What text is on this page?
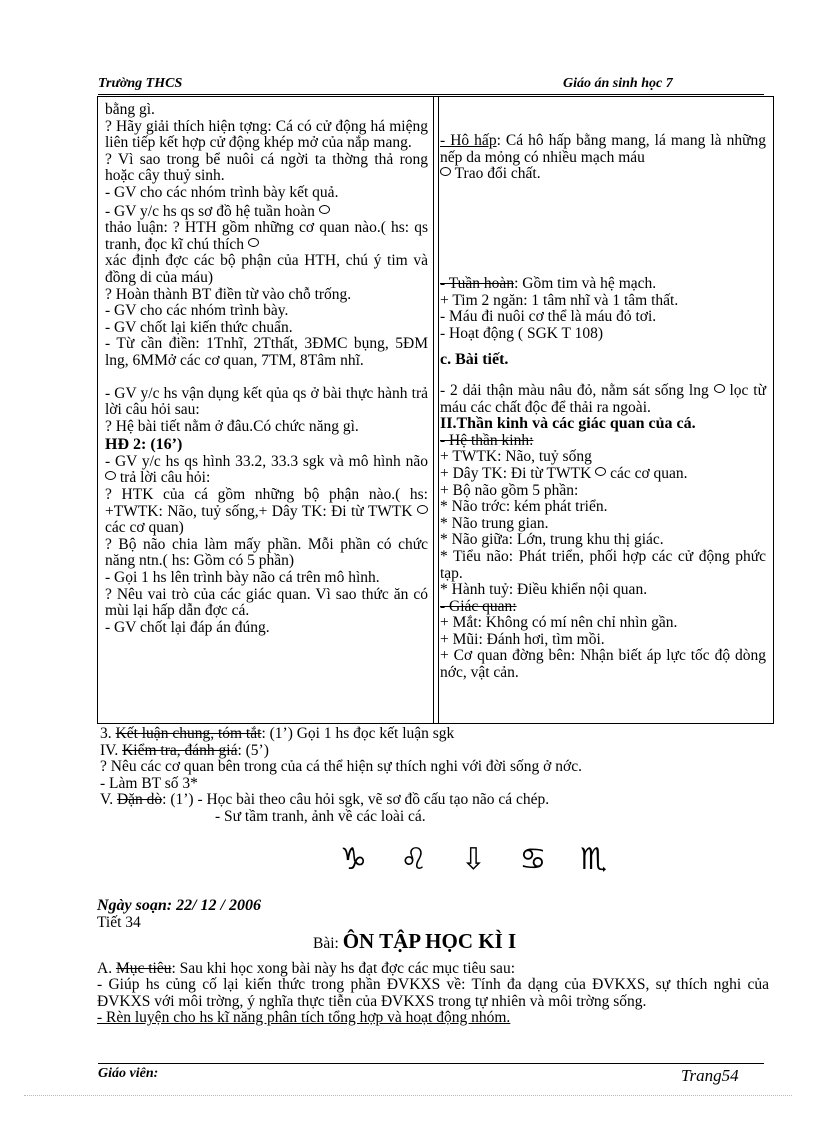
Trường THCS	Giáo án sinh học 7

bằng gì.

? Hãy giải thích hiện tợng: Cá có cử động há miệng liên tiếp kết hợp cử động khép mở của nắp mang.

? Vì sao trong bể nuôi cá ngời ta thờng thả rong hoặc cây thuỷ sinh.

- GV cho các nhóm trình bày kết quả.

- GV y/c hs qs sơ đồ hệ tuần hoàn

thảo luận: ? HTH gồm những cơ quan nào.( hs: qs tranh, đọc kĩ chú thích

xác định đợc các bộ phận của HTH, chú ý tim và đồng di của máu)

? Hoàn thành BT điền từ vào chỗ trống.

- GV cho các nhóm trình bày.

- GV chốt lại kiến thức chuẩn.

- Từ cần điền: 1Tnhĩ, 2Tthất, 3ĐMC bụng, 5ĐM lng, 6MMở các cơ quan, 7TM, 8Tâm nhĩ.

- GV y/c hs vận dụng kết qủa qs ở bài thực hành trả lời câu hỏi sau:

? Hệ bài tiết nằm ở đâu.Có chức năng gì.

HĐ 2: (16’)

- GV y/c hs qs hình 33.2, 33.3 sgk và mô hình não  trả lời câu hỏi:

? HTK của cá gồm những bộ phận nào.( hs: +TWTK: Não, tuỷ sống,+ Dây TK: Đi từ TWTK  các cơ quan)

? Bộ não chia làm mấy phần. Mỗi phần có chức năng ntn.( hs: Gồm có 5 phần)

- Gọi 1 hs lên trình bày não cá trên mô hình.

? Nêu vai trò của các giác quan. Vì sao thức ăn có mùi lại hấp dẫn đợc cá.

- GV chốt lại đáp án đúng.

- Hô hấp: Cá hô hấp bằng mang, lá mang là những nếp da mỏng có nhiều mạch máu

Trao đổi chất.

- Tuần hoàn: Gồm tim và hệ mạch.

+ Tim 2 ngăn: 1 tâm nhĩ và 1 tâm thất.

- Máu đi nuôi cơ thể là máu đỏ tơi.

- Hoạt động ( SGK T 108)

c. Bài tiết.

- 2 dải thận màu nâu đỏ, nằm sát sống lng lọc từ máu các chất độc để thải ra ngoài.

II.Thần kinh và các giác quan của cá.

- Hệ thần kinh:

+ TWTK: Não, tuỷ sống

+ Dây TK: Đi từ TWTK các cơ quan.

+ Bộ não gồm 5 phần:

* Não trớc: kém phát triển.

* Não trung gian.

* Não giữa: Lớn, trung khu thị giác.

* Tiểu não: Phát triển, phối hợp các cử động phức tạp.

* Hành tuỷ: Điều khiển nội quan.

- Giác quan:

+ Mắt: Không có mí nên chỉ nhìn gần.

+ Mũi: Đánh hơi, tìm mồi.

+ Cơ quan đờng bên: Nhận biết áp lực tốc độ dòng nớc, vật cản.

3. Kết luận chung, tóm tắt: (1’) Gọi 1 hs đọc kết luận sgk

IV. Kiểm tra, đánh giá: (5’)

? Nêu các cơ quan bên trong của cá thể hiện sự thích nghi với đời sống ở nớc.

- Làm BT số 3*

V. Dặn dò: (1’) - Học bài theo câu hỏi sgk, vẽ sơ đồ cấu tạo não cá chép.

- Sư tầm tranh, ảnh về các loài cá.

♑ ♌ ⇩ ♋ ♏

Ngày soạn: 22/ 12 / 2006

Tiết 34

Bài: ÔN TẬP HỌC KÌ I

A. Mục tiêu: Sau khi học xong bài này hs đạt đợc các mục tiêu sau:

- Giúp hs củng cố lại kiến thức trong phần ĐVKXS về: Tính đa dạng của ĐVKXS, sự thích nghi của ĐVKXS với môi trờng, ý nghĩa thực tiễn của ĐVKXS trong tự nhiên và môi trờng sống.

- Rèn luyện cho hs kĩ năng phân tích tổng hợp và hoạt động nhóm.

Giáo viên:	Trang54
